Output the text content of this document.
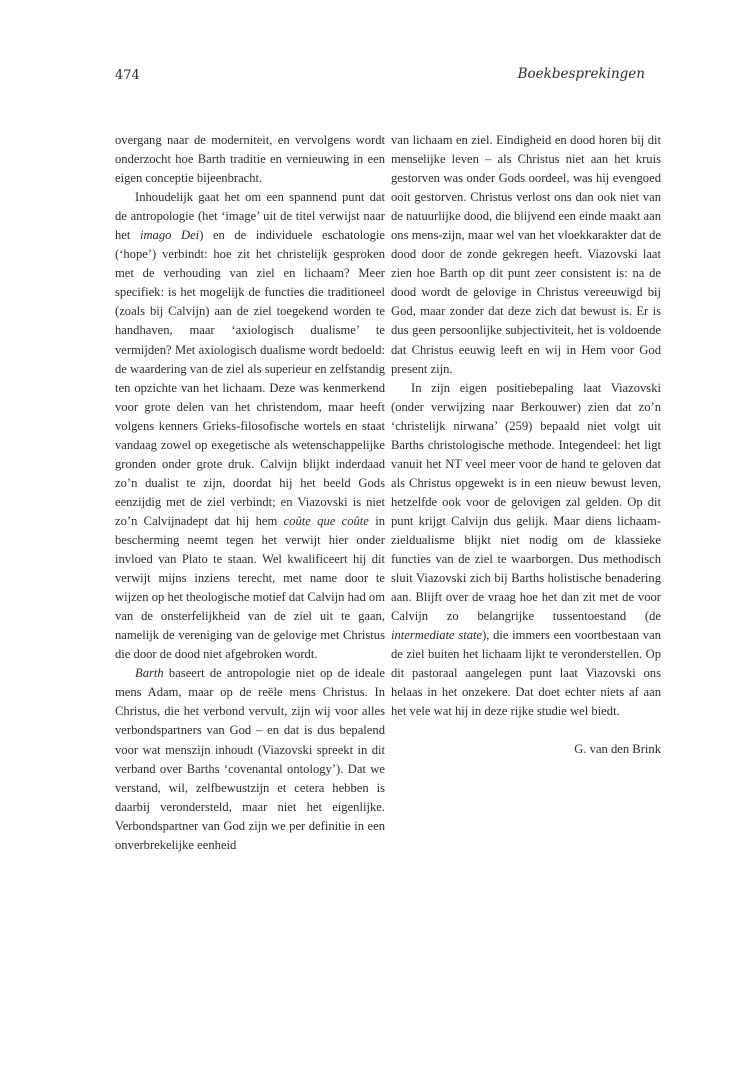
474	Boekbesprekingen

overgang naar de moderniteit, en vervolgens wordt onderzocht hoe Barth traditie en vernieuwing in een eigen conceptie bijeenbracht.

Inhoudelijk gaat het om een spannend punt dat de antropologie (het ‘image’ uit de titel verwijst naar het imago Dei) en de individuele eschatologie (‘hope’) verbindt: hoe zit het christelijk gesproken met de verhouding van ziel en lichaam? Meer specifiek: is het mogelijk de functies die traditioneel (zoals bij Calvijn) aan de ziel toegekend worden te handhaven, maar ‘axiologisch dualisme’ te vermijden? Met axiologisch dualisme wordt bedoeld: de waardering van de ziel als superieur en zelfstandig ten opzichte van het lichaam. Deze was kenmerkend voor grote delen van het christendom, maar heeft volgens kenners Grieks-filosofische wortels en staat vandaag zowel op exegetische als wetenschappelijke gronden onder grote druk. Calvijn blijkt inderdaad zo’n dualist te zijn, doordat hij het beeld Gods eenzijdig met de ziel verbindt; en Viazovski is niet zo’n Calvijnadept dat hij hem coûte que coûte in bescherming neemt tegen het verwijt hier onder invloed van Plato te staan. Wel kwalificeert hij dit verwijt mijns inziens terecht, met name door te wijzen op het theologische motief dat Calvijn had om van de onsterfelijkheid van de ziel uit te gaan, namelijk de vereniging van de gelovige met Christus die door de dood niet afgebroken wordt.

Barth baseert de antropologie niet op de ideale mens Adam, maar op de reële mens Christus. In Christus, die het verbond vervult, zijn wij voor alles verbondspartners van God – en dat is dus bepalend voor wat menszijn inhoudt (Viazovski spreekt in dit verband over Barths ‘covenantal ontology’). Dat we verstand, wil, zelfbewustzijn et cetera hebben is daarbij verondersteld, maar niet het eigenlijke. Verbondspartner van God zijn we per definitie in een onverbrekelijke eenheid

van lichaam en ziel. Eindigheid en dood horen bij dit menselijke leven – als Christus niet aan het kruis gestorven was onder Gods oordeel, was hij evengoed ooit gestorven. Christus verlost ons dan ook niet van de natuurlijke dood, die blijvend een einde maakt aan ons mens-zijn, maar wel van het vloekkarakter dat de dood door de zonde gekregen heeft. Viazovski laat zien hoe Barth op dit punt zeer consistent is: na de dood wordt de gelovige in Christus vereeuwigd bij God, maar zonder dat deze zich dat bewust is. Er is dus geen persoonlijke subjectiviteit, het is voldoende dat Christus eeuwig leeft en wij in Hem voor God present zijn.

In zijn eigen positiebepaling laat Viazovski (onder verwijzing naar Berkouwer) zien dat zo’n ‘christelijk nirwana’ (259) bepaald niet volgt uit Barths christologische methode. Integendeel: het ligt vanuit het NT veel meer voor de hand te geloven dat als Christus opgewekt is in een nieuw bewust leven, hetzelfde ook voor de gelovigen zal gelden. Op dit punt krijgt Calvijn dus gelijk. Maar diens lichaam-zieldualisme blijkt niet nodig om de klassieke functies van de ziel te waarborgen. Dus methodisch sluit Viazovski zich bij Barths holistische benadering aan. Blijft over de vraag hoe het dan zit met de voor Calvijn zo belangrijke tussentoestand (de intermediate state), die immers een voortbestaan van de ziel buiten het lichaam lijkt te veronderstellen. Op dit pastoraal aangelegen punt laat Viazovski ons helaas in het onzekere. Dat doet echter niets af aan het vele wat hij in deze rijke studie wel biedt.

G. van den Brink
